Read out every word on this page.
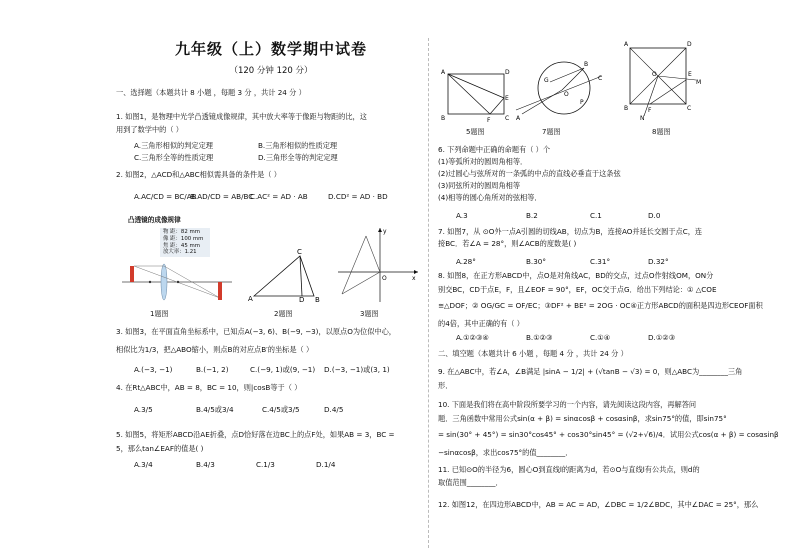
九年级（上）数学期中试卷
（120 分钟 120 分）
一、选择题（本题共计 8 小题 ，每题 3 分 ，共计 24 分 ）
1. 如图1，是物理中光学凸透镜成像规律，其中放大率等于像距与物距的比，这
用到了数学中的（ ）
A.三角形相似的判定定理	B.三角形相似的性质定理
C.三角形全等的性质定理	D.三角形全等的判定定理
2. 如图2，△ACD和△ABC相似需具备的条件是（ ）
A.AC/CD = BC/AB
B.AD/CD = AB/BC
C.AC² = AD · AB	D.CD² = AD · BD
凸透镜的成像规律
物 距：82 mm
像 距：100 mm
焦 距：45 mm
放大率：1.21
1题图
C
A	D B
2题图
y
x
O
3题图
3. 如图3，在平面直角坐标系中，已知点A(−3, 6)、B(−9, −3)，以原点O为位似中心，
相似比为1/3，把△ABO缩小，则点B的对应点B′的坐标是（ ）
A.(−3, −1)	B.(−1, 2)	C.(−9, 1)或(9, −1) D.(−3, −1)或(3, 1)
4. 在Rt△ABC中，AB = 8，BC = 10，则|cosB等于（ ）
A.3/5	B.4/5或3/4	C.4/5或3/5	D.4/5
5. 如图5，将矩形ABCD沿AE折叠，点D恰好落在边BC上的点F处，如果AB = 3，BC =
5，那么tan∠EAF的值是( )
A.3/4	B.4/3	C.1/3	D.1/4
A	D
E
B	F C
5题图
G
O
P
A
B
C
7题图
A	D
M
O	E
B	F	C
N
8题图
6. 下列命题中正确的命题有（ ）个
(1)等弧所对的圆周角相等．
(2)过圆心与弦所对的一条弧的中点的直线必垂直于这条弦
(3)同弦所对的圆周角相等
(4)相等的圆心角所对的弦相等．
A.3	B.2	C.1	D.0
7. 如图7，从 ⊙O外一点A引圆的切线AB，切点为B，连接AO并延长交圆于点C，连
接BC．若∠A = 28°，则∠ACB的度数是( )
A.28°	B.30°	C.31°	D.32°
8. 如图8，在正方形ABCD中，点O是对角线AC，BD的交点，过点O作射线OM，ON分
别交BC，CD于点E，F，且∠EOF = 90°，EF，OC交于点G．给出下列结论：① △COE
≅△DOF；② OG/GC = OF/EC；③DF² + BE² = 2OG · OC④正方形ABCD的面积是四边形CEOF面积
的4倍，其中正确的有（ ）
A.①②③④	B.①②③	C.①④	D.①②③
二、填空题（本题共计 6 小题 ，每题 4 分 ，共计 24 分 ）
9. 在△ABC中，若∠A，∠B满足 |sinA − 1/2| + (√tanB − √3) = 0，则△ABC为________三角
形．
10. 下面是我们将在高中阶段所要学习的一个内容，请先阅读这段内容，再解答问
题．三角函数中常用公式sin(α + β) = sinαcosβ + cosαsinβ，求sin75°的值，即sin75°
= sin(30° + 45°) = sin30°cos45° + cos30°sin45° = (√2+√6)/4．试用公式cos(α + β) = cosαsinβ
−sinαcosβ，求出cos75°的值________．
11. 已知⊙O的半径为6，圆心O到直线l的距离为d，若⊙O与直线l有公共点，则d的
取值范围________．
12. 如图12，在四边形ABCD中，AB = AC = AD，∠DBC = 1/2∠BDC，其中∠DAC = 25°，那么
